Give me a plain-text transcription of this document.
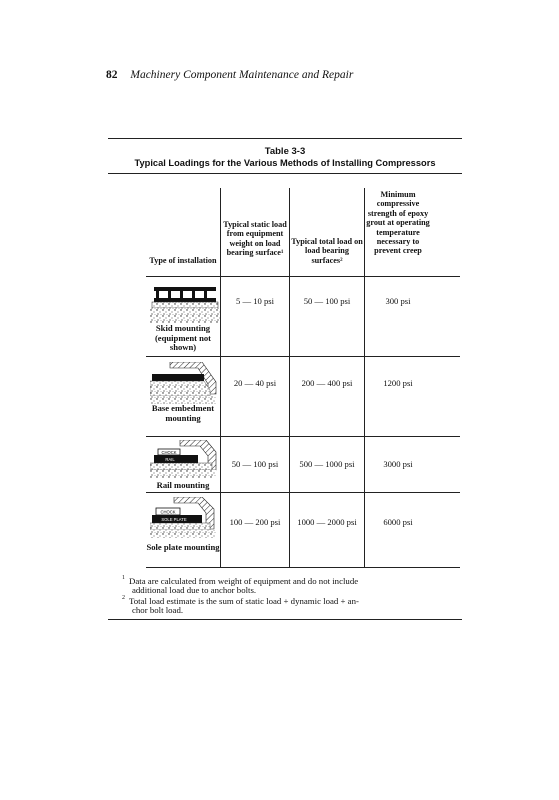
82 Machinery Component Maintenance and Repair
Table 3-3
Typical Loadings for the Various Methods of Installing Compressors
Type of installation
Typical static load from equipment weight on load bearing surface¹
Typical total load on load bearing surfaces²
Minimum compressive strength of epoxy grout at operating temperature necessary to prevent creep
Skid mounting (equipment not shown)
5 — 10 psi	50 — 100 psi	300 psi
Base embedment mounting
20 — 40 psi	200 — 400 psi	1200 psi
CHOCK
RAIL
Rail mounting
50 — 100 psi	500 — 1000 psi	3000 psi
CHOCK
SOLE PLATE
Sole plate mounting
100 — 200 psi	1000 — 2000 psi	6000 psi
$^1$ Data are calculated from weight of equipment and do not include
additional load due to anchor bolts.
$^2$ Total load estimate is the sum of static load + dynamic load + an-
chor bolt load.
